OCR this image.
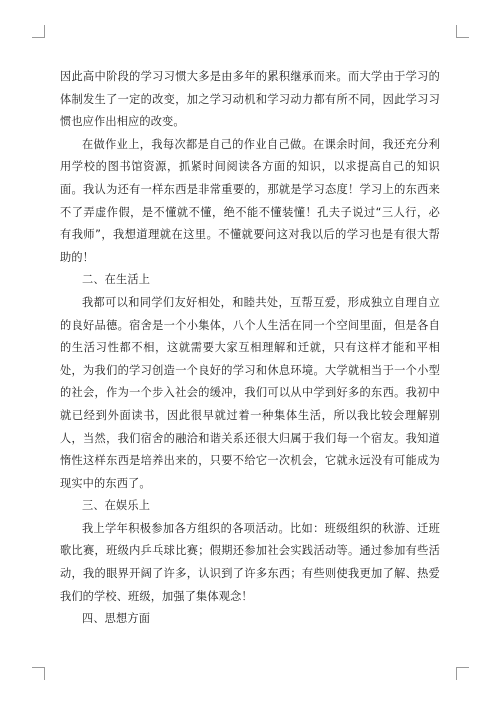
因此高中阶段的学习习惯大多是由多年的累积继承而来。而大学由于学习的体制发生了一定的改变，加之学习动机和学习动力都有所不同，因此学习习惯也应作出相应的改变。

在做作业上，我每次都是自己的作业自己做。在课余时间，我还充分利用学校的图书馆资源，抓紧时间阅读各方面的知识，以求提高自己的知识面。我认为还有一样东西是非常重要的，那就是学习态度！学习上的东西来不了弄虚作假，是不懂就不懂，绝不能不懂装懂！孔夫子说过“三人行，必有我师”，我想道理就在这里。不懂就要问这对我以后的学习也是有很大帮助的！

二、在生活上

我都可以和同学们友好相处，和睦共处，互帮互爱，形成独立自理自立的良好品德。宿舍是一个小集体，八个人生活在同一个空间里面，但是各自的生活习性都不相，这就需要大家互相理解和迁就，只有这样才能和平相处，为我们的学习创造一个良好的学习和休息环境。大学就相当于一个小型的社会，作为一个步入社会的缓冲，我们可以从中学到好多的东西。我初中就已经到外面读书，因此很早就过着一种集体生活，所以我比较会理解别人，当然，我们宿舍的融洽和谐关系还很大归属于我们每一个宿友。我知道惰性这样东西是培养出来的，只要不给它一次机会，它就永远没有可能成为现实中的东西了。

三、在娱乐上

我上学年积极参加各方组织的各项活动。比如：班级组织的秋游、迁班歌比赛，班级内乒乓球比赛；假期还参加社会实践活动等。通过参加有些活动，我的眼界开阔了许多，认识到了许多东西；有些则使我更加了解、热爱我们的学校、班级，加强了集体观念！

四、思想方面
